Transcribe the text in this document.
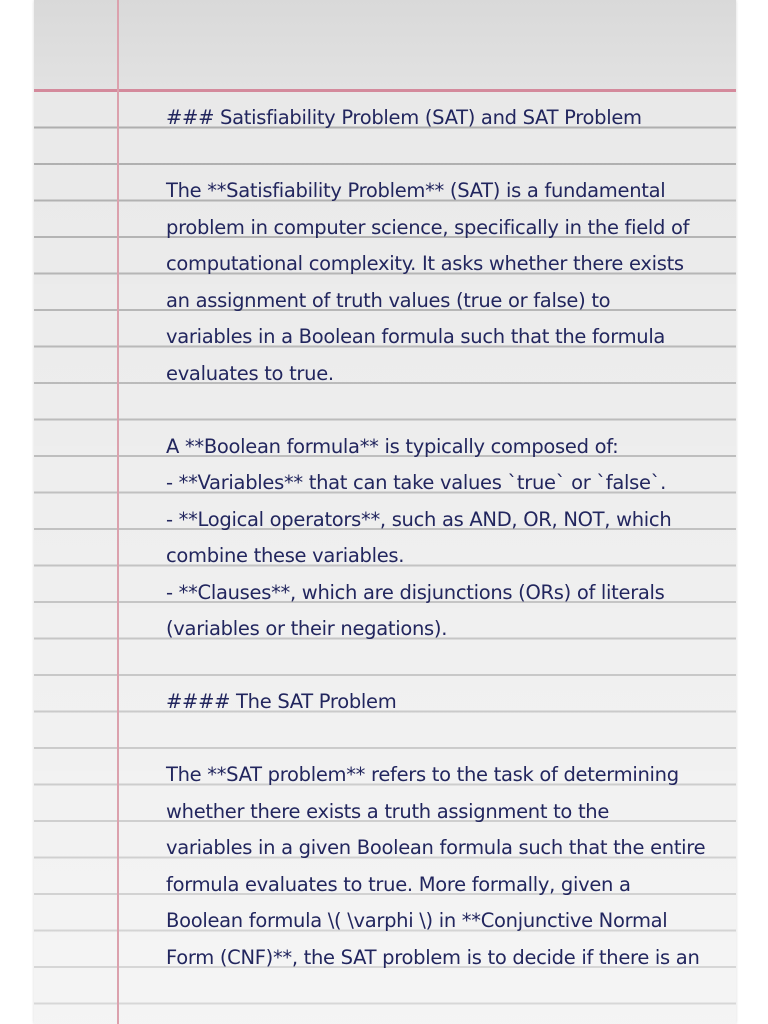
### Satisfiability Problem (SAT) and SAT Problem
The **Satisfiability Problem** (SAT) is a fundamental
problem in computer science, specifically in the field of
computational complexity. It asks whether there exists
an assignment of truth values (true or false) to
variables in a Boolean formula such that the formula
evaluates to true.
A **Boolean formula** is typically composed of:
- **Variables** that can take values `true` or `false`.
- **Logical operators**, such as AND, OR, NOT, which
combine these variables.
- **Clauses**, which are disjunctions (ORs) of literals
(variables or their negations).
#### The SAT Problem
The **SAT problem** refers to the task of determining
whether there exists a truth assignment to the
variables in a given Boolean formula such that the entire
formula evaluates to true. More formally, given a
Boolean formula \( \varphi \) in **Conjunctive Normal
Form (CNF)**, the SAT problem is to decide if there is an
